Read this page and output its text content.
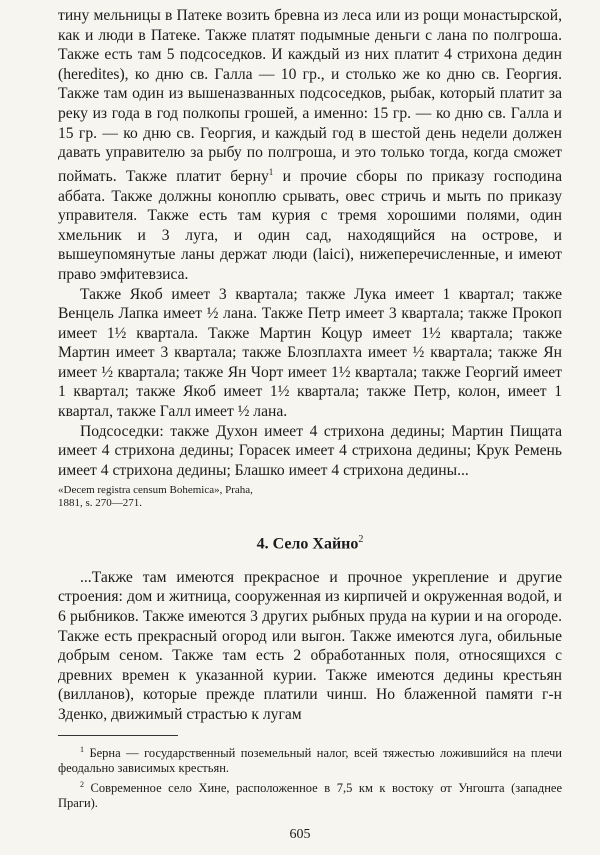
тину мельницы в Патеке возить бревна из леса или из рощи монастырской, как и люди в Патеке. Также платят подымные деньги с лана по полгроша. Также есть там 5 подсоседков. И каждый из них платит 4 стрихона дедин (heredites), ко дню св. Галла — 10 гр., и столько же ко дню св. Георгия. Также там один из вышеназванных подсоседков, рыбак, который платит за реку из года в год полкопы грошей, а именно: 15 гр. — ко дню св. Галла и 15 гр. — ко дню св. Георгия, и каждый год в шестой день недели должен давать управителю за рыбу по полгроша, и это только тогда, когда сможет поймать. Также платит берну$^1$ и прочие сборы по приказу господина аббата. Также должны коноплю срывать, овес стричь и мыть по приказу управителя. Также есть там курия с тремя хорошими полями, один хмельник и 3 луга, и один сад, находящийся на острове, и вышеупомянутые ланы держат люди (laici), нижеперечисленные, и имеют право эмфитевзиса.

Также Якоб имеет 3 квартала; также Лука имеет 1 квартал; также Венцель Лапка имеет ½ лана. Также Петр имеет 3 квартала; также Прокоп имеет 1½ квартала. Также Мартин Коцур имеет 1½ квартала; также Мартин имеет 3 квартала; также Блозплахта имеет ½ квартала; также Ян имеет ½ квартала; также Ян Чорт имеет 1½ квартала; также Георгий имеет 1 квартал; также Якоб имеет 1½ квартала; также Петр, колон, имеет 1 квартал, также Галл имеет ½ лана.

Подсоседки: также Духон имеет 4 стрихона дедины; Мартин Пищата имеет 4 стрихона дедины; Горасек имеет 4 стрихона дедины; Крук Ремень имеет 4 стрихона дедины; Блашко имеет 4 стрихона дедины...

«Decem registra censum Bohemica», Praha,
1881, s. 270—271.
4. Село Хайно$^2$

...Также там имеются прекрасное и прочное укрепление и другие строения: дом и житница, сооруженная из кирпичей и окруженная водой, и 6 рыбников. Также имеются 3 других рыбных пруда на курии и на огороде. Также есть прекрасный огород или выгон. Также имеются луга, обильные добрым сеном. Также там есть 2 обработанных поля, относящихся с древних времен к указанной курии. Также имеются дедины крестьян (вилланов), которые прежде платили чинш. Но блаженной памяти г-н Зденко, движимый страстью к лугам

$^1$ Берна — государственный поземельный налог, всей тяжестью ложившийся на плечи феодально зависимых крестьян.

$^2$ Современное село Хине, расположенное в 7,5 км к востоку от Унгошта (западнее Праги).

605
